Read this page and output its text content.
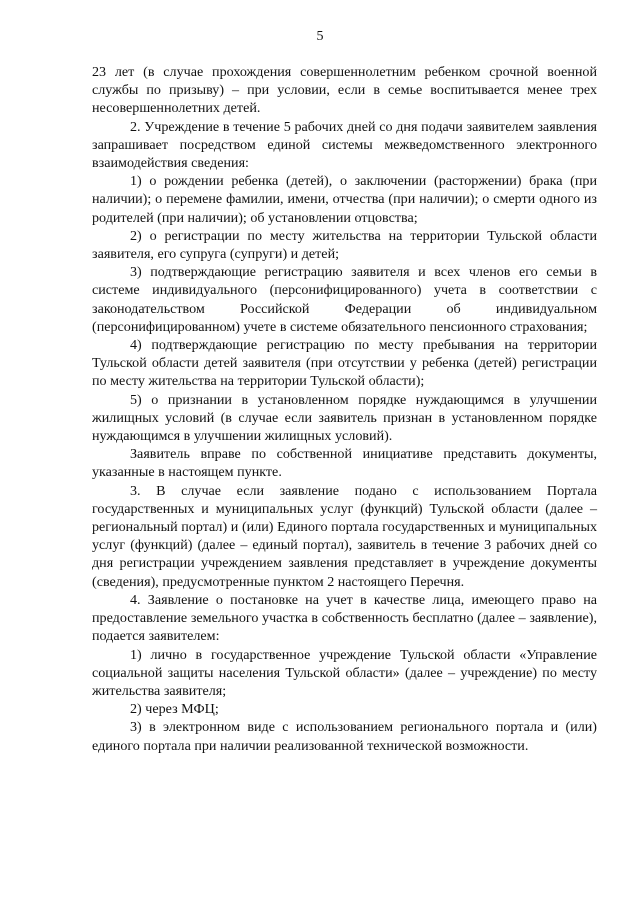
5

23 лет (в случае прохождения совершеннолетним ребенком срочной военной службы по призыву) – при условии, если в семье воспитывается менее трех несовершеннолетних детей.

2. Учреждение в течение 5 рабочих дней со дня подачи заявителем заявления запрашивает посредством единой системы межведомственного электронного взаимодействия сведения:

1) о рождении ребенка (детей), о заключении (расторжении) брака (при наличии); о перемене фамилии, имени, отчества (при наличии); о смерти одного из родителей (при наличии); об установлении отцовства;

2) о регистрации по месту жительства на территории Тульской области заявителя, его супруга (супруги) и детей;

3) подтверждающие регистрацию заявителя и всех членов его семьи в системе индивидуального (персонифицированного) учета в соответствии с законодательством Российской Федерации об индивидуальном (персонифицированном) учете в системе обязательного пенсионного страхования;

4) подтверждающие регистрацию по месту пребывания на территории Тульской области детей заявителя (при отсутствии у ребенка (детей) регистрации по месту жительства на территории Тульской области);

5) о признании в установленном порядке нуждающимся в улучшении жилищных условий (в случае если заявитель признан в установленном порядке нуждающимся в улучшении жилищных условий).

Заявитель вправе по собственной инициативе представить документы, указанные в настоящем пункте.

3. В случае если заявление подано с использованием Портала государственных и муниципальных услуг (функций) Тульской области (далее – региональный портал) и (или) Единого портала государственных и муниципальных услуг (функций) (далее – единый портал), заявитель в течение 3 рабочих дней со дня регистрации учреждением заявления представляет в учреждение документы (сведения), предусмотренные пунктом 2 настоящего Перечня.

4. Заявление о постановке на учет в качестве лица, имеющего право на предоставление земельного участка в собственность бесплатно (далее – заявление), подается заявителем:

1) лично в государственное учреждение Тульской области «Управление социальной защиты населения Тульской области» (далее – учреждение) по месту жительства заявителя;

2) через МФЦ;

3) в электронном виде с использованием регионального портала и (или) единого портала при наличии реализованной технической возможности.
